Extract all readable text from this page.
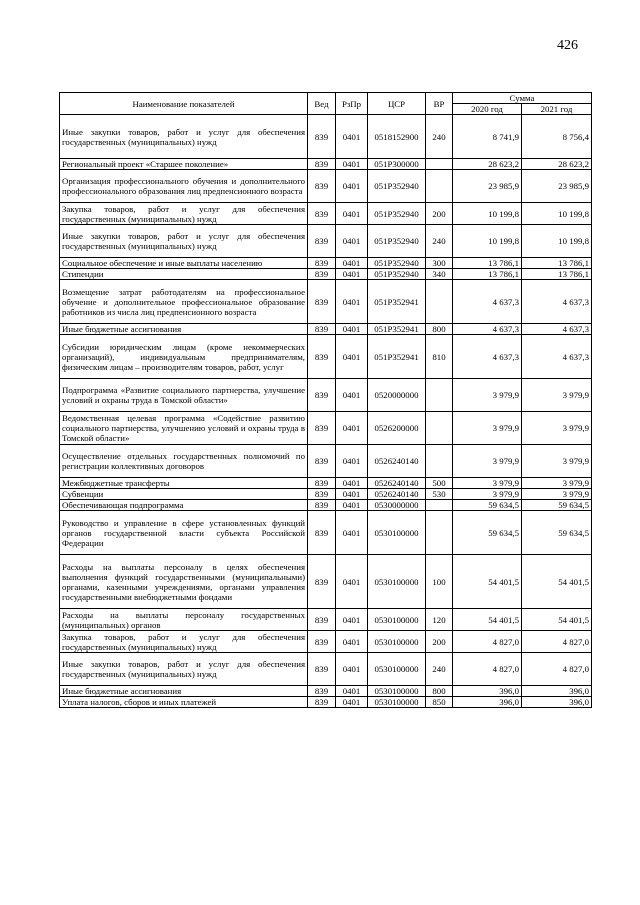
426
Наименование показателей	Вед	РзПр	ЦСР	ВР	Сумма	
					2020 год	2021 год
Иные закупки товаров, работ и услуг для обеспечения государственных (муниципальных) нужд	839	0401	0518152900	240	8 741,9	8 756,4
Региональный проект «Старшее поколение»	839	0401	051P300000		28 623,2	28 623,2
Организация профессионального обучения и дополнительного профессионального образования лиц предпенсионного возраста	839	0401	051P352940		23 985,9	23 985,9
Закупка товаров, работ и услуг для обеспечения государственных (муниципальных) нужд	839	0401	051P352940	200	10 199,8	10 199,8
Иные закупки товаров, работ и услуг для обеспечения государственных (муниципальных) нужд	839	0401	051P352940	240	10 199,8	10 199,8
Социальное обеспечение и иные выплаты населению	839	0401	051P352940	300	13 786,1	13 786,1
Стипендии	839	0401	051P352940	340	13 786,1	13 786,1
Возмещение затрат работодателям на профессиональное обучение и дополнительное профессиональное образование работников из числа лиц предпенсионного возраста	839	0401	051P352941		4 637,3	4 637,3
Иные бюджетные ассигнования	839	0401	051P352941	800	4 637,3	4 637,3
Субсидии юридическим лицам (кроме некоммерческих организаций), индивидуальным предпринимателям, физическим лицам – производителям товаров, работ, услуг	839	0401	051P352941	810	4 637,3	4 637,3
Подпрограмма «Развитие социального партнерства, улучшение условий и охраны труда в Томской области»	839	0401	0520000000		3 979,9	3 979,9
Ведомственная целевая программа «Содействие развитию социального партнерства, улучшению условий и охраны труда в Томской области»	839	0401	0526200000		3 979,9	3 979,9
Осуществление отдельных государственных полномочий по регистрации коллективных договоров	839	0401	0526240140		3 979,9	3 979,9
Межбюджетные трансферты	839	0401	0526240140	500	3 979,9	3 979,9
Субвенции	839	0401	0526240140	530	3 979,9	3 979,9
Обеспечивающая подпрограмма	839	0401	0530000000		59 634,5	59 634,5
Руководство и управление в сфере установленных функций органов государственной власти субъекта Российской Федерации	839	0401	0530100000		59 634,5	59 634,5
Расходы на выплаты персоналу в целях обеспечения выполнения функций государственными (муниципальными) органами, казенными учреждениями, органами управления государственными внебюджетными фондами	839	0401	0530100000	100	54 401,5	54 401,5
Расходы на выплаты персоналу государственных (муниципальных) органов	839	0401	0530100000	120	54 401,5	54 401,5
Закупка товаров, работ и услуг для обеспечения государственных (муниципальных) нужд	839	0401	0530100000	200	4 827,0	4 827,0
Иные закупки товаров, работ и услуг для обеспечения государственных (муниципальных) нужд	839	0401	0530100000	240	4 827,0	4 827,0
Иные бюджетные ассигнования	839	0401	0530100000	800	396,0	396,0
Уплата налогов, сборов и иных платежей	839	0401	0530100000	850	396,0	396,0
